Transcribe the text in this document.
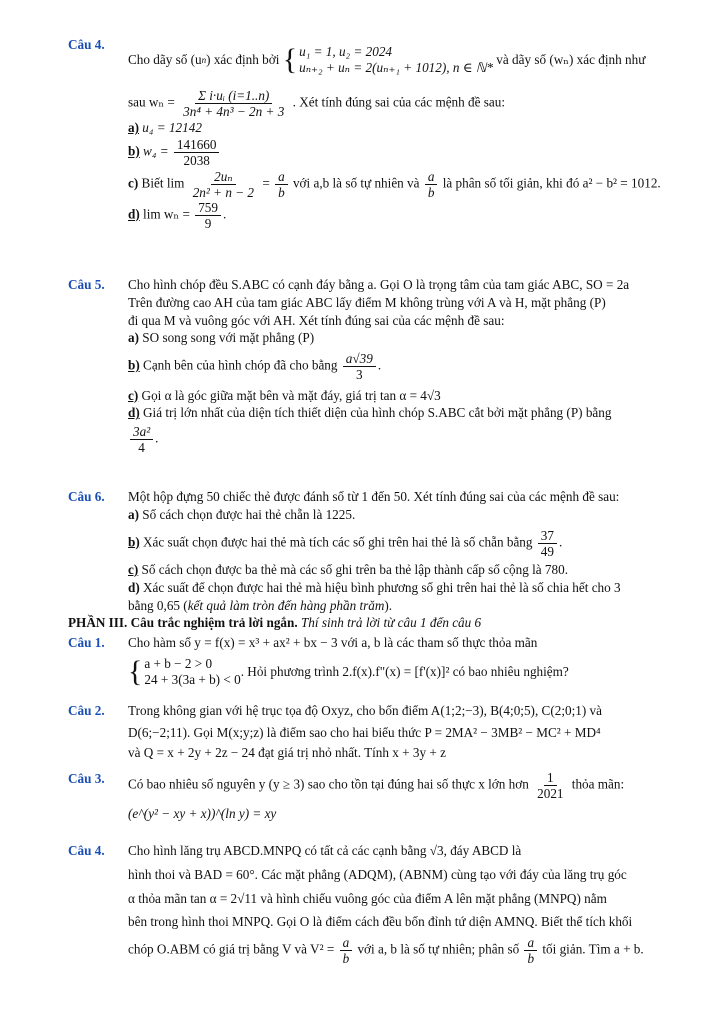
Câu 4.
Cho dãy số (u n ) xác định bởi
{ u₁ = 1, u₂ = 2024
uₙ₊₂ + uₙ = 2(uₙ₊₁ + 1012), n ∈ ℕ*

và dãy số (wₙ) xác định như
sau $w_n = \frac{\text{Σ i·uᵢ (i=1..n)}}{\text{3n⁴ + 4n³ − 2n + 3}}$ . Xét tính đúng sai của các mệnh đề sau:
a) u₄ = 12142
b) $w_4 = \frac{141660}{2038}$
c) Biết $\lim \frac{\text{2uₙ}}{\text{2n² + n − 2}} = \frac{a}{b}$ với a,b là số tự nhiên và $\frac{a}{b}$ là phân số tối giản, khi đó a² − b² = 1012.
d) $\lim w_n = \frac{759}{9}$ .
Câu 5.	Cho hình chóp đều S.ABC có cạnh đáy bằng a. Gọi O là trọng tâm của tam giác ABC, SO = 2a
Trên đường cao AH của tam giác ABC lấy điểm M không trùng với A và H, mặt phẳng (P)
đi qua M và vuông góc với AH. Xét tính đúng sai của các mệnh đề sau:
a) SO song song với mặt phẳng (P)
b) Cạnh bên của hình chóp đã cho bằng $\frac{a√39}{3}$ .
c) Gọi α là góc giữa mặt bên và mặt đáy, giá trị tan α = 4√3
d) Giá trị lớn nhất của diện tích thiết diện của hình chóp S.ABC cắt bởi mặt phẳng (P) bằng
$\frac{\text{3a²}}{4}$ .
Câu 6.	Một hộp đựng 50 chiếc thẻ được đánh số từ 1 đến 50. Xét tính đúng sai của các mệnh đề sau:
a) Số cách chọn được hai thẻ chẵn là 1225.
b) Xác suất chọn được hai thẻ mà tích các số ghi trên hai thẻ là số chẵn bằng $\frac{37}{49}$ .
c) Số cách chọn được ba thẻ mà các số ghi trên ba thẻ lập thành cấp số cộng là 780.
d) Xác suất để chọn được hai thẻ mà hiệu bình phương số ghi trên hai thẻ là số chia hết cho 3
bằng 0,65 (kết quả làm tròn đến hàng phần trăm).
PHẦN III. Câu trắc nghiệm trả lời ngắn. Thí sinh trả lời từ câu 1 đến câu 6
Câu 1.	Cho hàm số y = f(x) = x³ + ax² + bx − 3 với a, b là các tham số thực thỏa mãn
{ a + b − 2 > 0
24 + 3(3a + b) < 0
. Hỏi phương trình 2.f(x).f"(x) = [f'(x)]² có bao nhiêu nghiệm?
Câu 2.	Trong không gian với hệ trục tọa độ Oxyz, cho bốn điểm A(1;2;−3), B(4;0;5), C(2;0;1) và
D(6;−2;11). Gọi M(x;y;z) là điểm sao cho hai biểu thức P = 2MA² − 3MB² − MC² + MD⁴
và Q = x + 2y + 2z − 24 đạt giá trị nhỏ nhất. Tính x + 3y + z
Câu 3.	Có bao nhiêu số nguyên y (y ≥ 3) sao cho tồn tại đúng hai số thực x lớn hơn $\frac{1}{2021}$ thỏa mãn:
(e^(y² − xy + x))^(ln y) = xy
Câu 4.	Cho hình lăng trụ ABCD.MNPQ có tất cả các cạnh bằng √3, đáy ABCD là
hình thoi và BAD = 60°. Các mặt phẳng (ADQM), (ABNM) cùng tạo với đáy của lăng trụ góc
α thỏa mãn tan α = 2√11 và hình chiếu vuông góc của điểm A lên mặt phẳng (MNPQ) nằm
bên trong hình thoi MNPQ. Gọi O là điểm cách đều bốn đỉnh tứ diện AMNQ. Biết thể tích khối
chóp O.ABM có giá trị bằng V và $V^2 = \frac{a}{b}$ với a, b là số tự nhiên; phân số $\frac{a}{b}$ tối giản. Tìm a + b.
